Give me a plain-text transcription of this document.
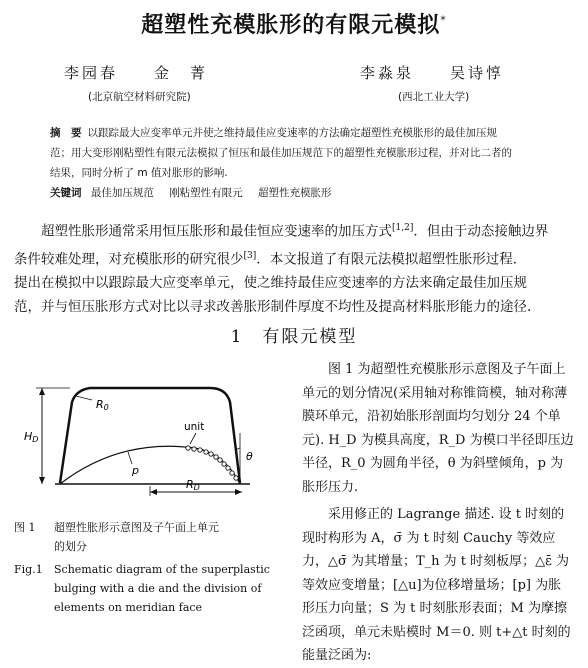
超塑性充模胀形的有限元模拟*
李园春　　金　菁
(北京航空材料研究院)
李淼泉　　吴诗惇
(西北工业大学)
摘　要 以跟踪最大应变率单元并使之维持最佳应变速率的方法确定超塑性充模胀形的最佳加压规
范；用大变形刚粘塑性有限元法模拟了恒压和最佳加压规范下的超塑性充模胀形过程，并对比二者的
结果，同时分析了 m 值对胀形的影响.
关键词 最佳加压规范 刚粘塑性有限元 超塑性充模胀形
超塑性胀形通常采用恒压胀形和最佳恒应变速率的加压方式[1,2]．但由于动态接触边界
条件较难处理，对充模胀形的研究很少[3]．本文报道了有限元法模拟超塑性胀形过程．
提出在模拟中以跟踪最大应变率单元，使之维持最佳应变速率的方法来确定最佳加压规
范，并与恒压胀形方式对比以寻求改善胀形制件厚度不均性及提高材料胀形能力的途径.
1　 有限元模型
HD
R0
unit
θ
p
RD
图 1 超塑性胀形示意图及子午面上单元
的划分
Fig.1 Schematic diagram of the superplastic
bulging with a die and the division of
elements on meridian face

图 1 为超塑性充模胀形示意图及子午面上单元的划分情况(采用轴对称锥筒模，轴对称薄膜环单元，沿初始胀形剖面均匀划分 24 个单元). H_D 为模具高度，R_D 为模口半径即压边半径，R_0 为圆角半径，θ 为斜壁倾角，p 为胀形压力.

采用修正的 Lagrange 描述. 设 t 时刻的现时构形为 A，σ̄ 为 t 时刻 Cauchy 等效应力，△σ̄ 为其增量；T_h 为 t 时刻板厚；△ε̄ 为等效应变增量；[△u]为位移增量场；[p] 为胀形压力向量；S 为 t 时刻胀形表面；M 为摩擦泛函项，单元未贴模时 M＝0. 则 t+△t 时刻的能量泛函为:
